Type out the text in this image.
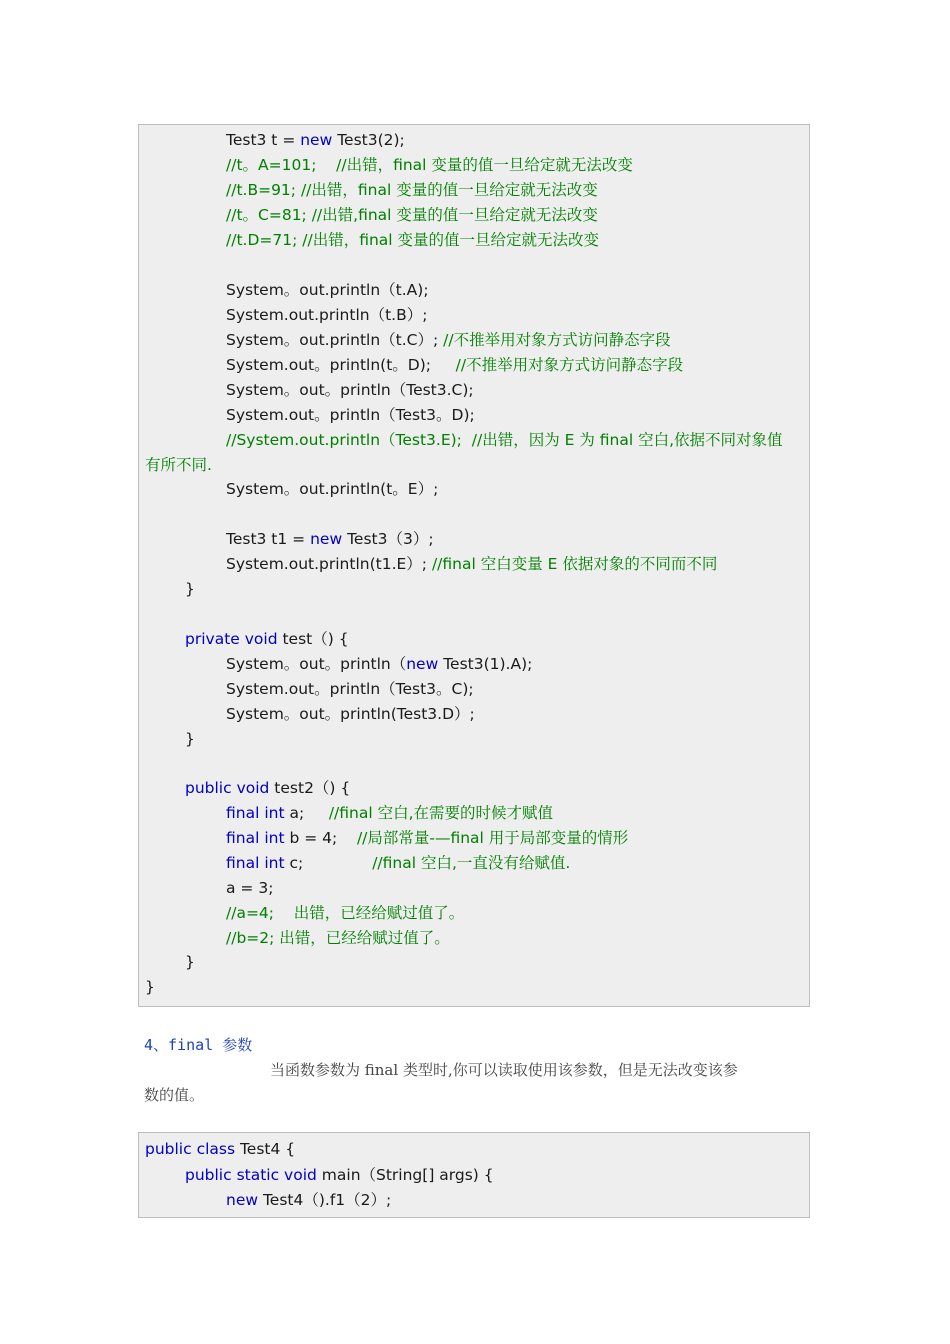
Test3 t = new Test3(2);
//t。A=101;    //出错，final 变量的值一旦给定就无法改变
//t.B=91; //出错，final 变量的值一旦给定就无法改变
//t。C=81; //出错,final 变量的值一旦给定就无法改变
//t.D=71; //出错，final 变量的值一旦给定就无法改变
System。out.println（t.A);
System.out.println（t.B）;
System。out.println（t.C）; //不推举用对象方式访问静态字段
System.out。println(t。D);     //不推举用对象方式访问静态字段
System。out。println（Test3.C);
System.out。println（Test3。D);
//System.out.println（Test3.E);  //出错，因为 E 为 final 空白,依据不同对象值
有所不同.
System。out.println(t。E）;
Test3 t1 = new Test3（3）;
System.out.println(t1.E）; //final 空白变量 E 依据对象的不同而不同
}
private void test（) {
System。out。println（new Test3(1).A);
System.out。println（Test3。C);
System。out。println(Test3.D）;
}
public void test2（) {
final int a;     //final 空白,在需要的时候才赋值
final int b = 4;    //局部常量-—final 用于局部变量的情形
final int c;              //final 空白,一直没有给赋值.
a = 3;
//a=4;    出错，已经给赋过值了。
//b=2; 出错，已经给赋过值了。
}
}
4、final 参数
当函数参数为 final 类型时,你可以读取使用该参数，但是无法改变该参
数的值。
public class Test4 {
public static void main（String[] args) {
new Test4（).f1（2）;
